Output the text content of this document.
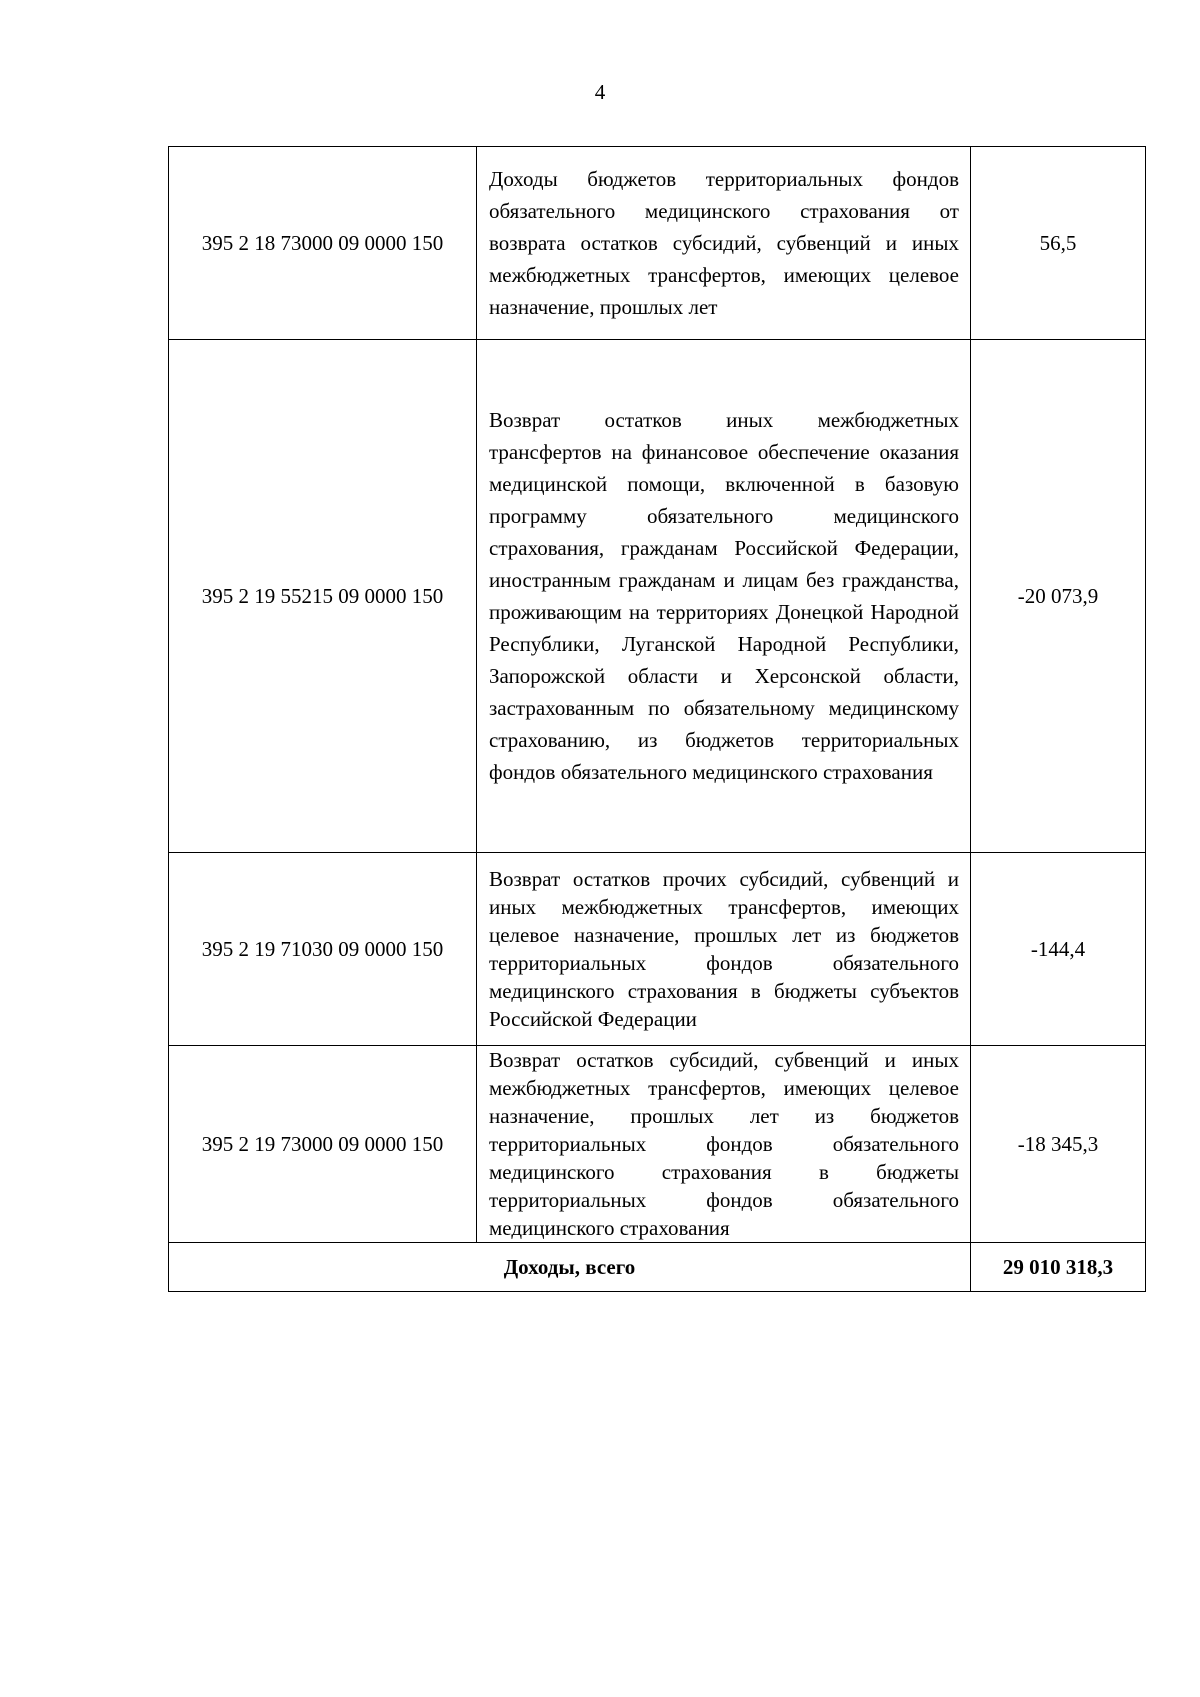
4
395 2 18 73000 09 0000 150	Доходы бюджетов территориальных фондов обязательного медицинского страхования от возврата остатков субсидий, субвенций и иных межбюджетных трансфертов, имеющих целевое назначение, прошлых лет	56,5
395 2 19 55215 09 0000 150	Возврат остатков иных межбюджетных трансфертов на финансовое обеспечение оказания медицинской помощи, включенной в базовую программу обязательного медицинского страхования, гражданам Российской Федерации, иностранным гражданам и лицам без гражданства, проживающим на территориях Донецкой Народной Республики, Луганской Народной Республики, Запорожской области и Херсонской области, застрахованным по обязательному медицинскому страхованию, из бюджетов территориальных фондов обязательного медицинского страхования	-20 073,9
395 2 19 71030 09 0000 150	Возврат остатков прочих субсидий, субвенций и иных межбюджетных трансфертов, имеющих целевое назначение, прошлых лет из бюджетов территориальных фондов обязательного медицинского страхования в бюджеты субъектов Российской Федерации	-144,4
395 2 19 73000 09 0000 150	Возврат остатков субсидий, субвенций и иных межбюджетных трансфертов, имеющих целевое назначение, прошлых лет из бюджетов территориальных фондов обязательного медицинского страхования в бюджеты территориальных фондов обязательного медицинского страхования	-18 345,3
Доходы, всего		29 010 318,3
